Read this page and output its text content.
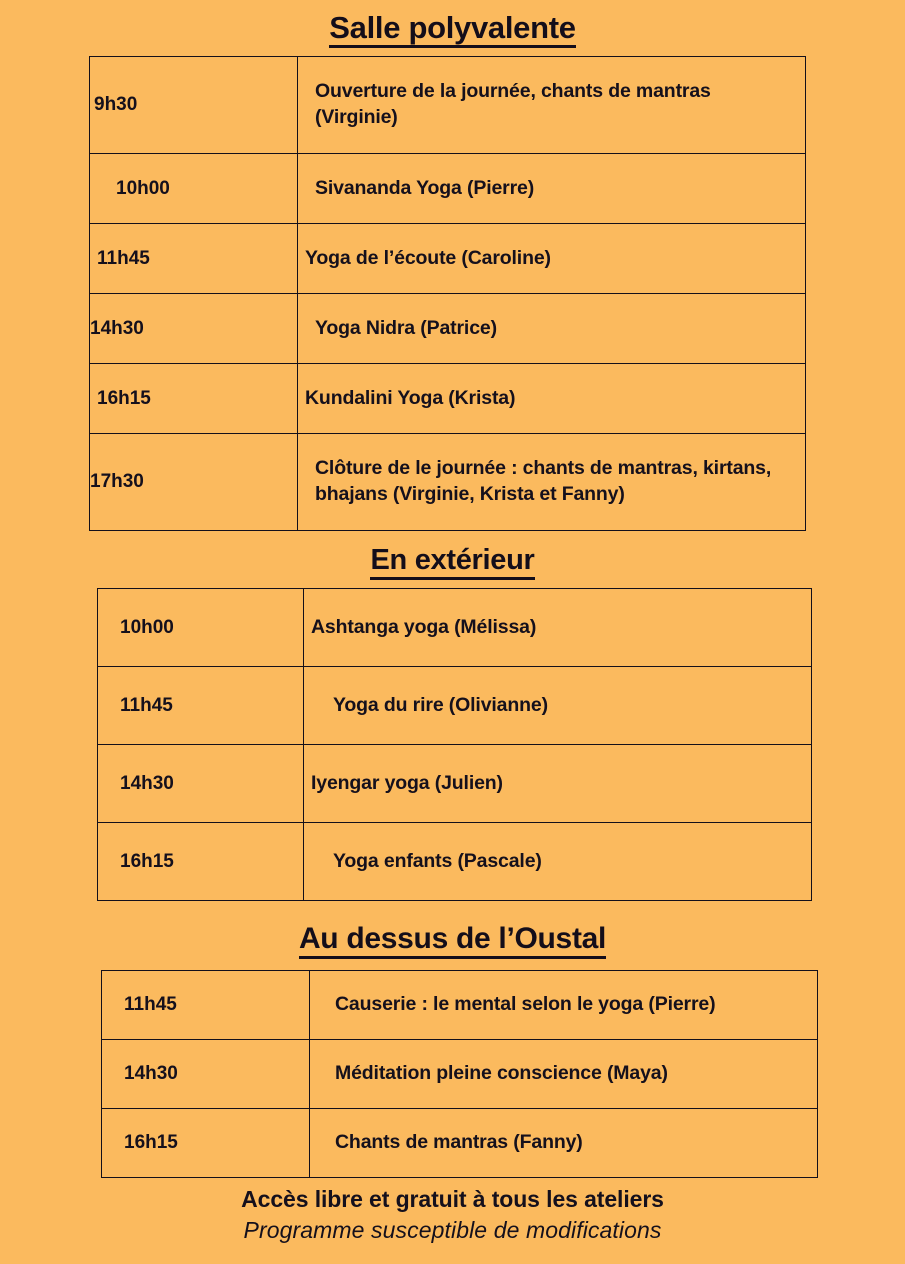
Salle polyvalente
9h30	Ouverture de la journée, chants de mantras (Virginie)
10h00	Sivananda Yoga (Pierre)
11h45	Yoga de l’écoute (Caroline)
14h30	Yoga Nidra (Patrice)
16h15	Kundalini Yoga (Krista)
17h30	Clôture de le journée : chants de mantras, kirtans, bhajans (Virginie, Krista et Fanny)
En extérieur
10h00	Ashtanga yoga (Mélissa)
11h45	Yoga du rire (Olivianne)
14h30	Iyengar yoga (Julien)
16h15	Yoga enfants (Pascale)
Au dessus de l’Oustal
11h45	Causerie : le mental selon le yoga (Pierre)
14h30	Méditation pleine conscience (Maya)
16h15	Chants de mantras (Fanny)
Accès libre et gratuit à tous les ateliers
Programme susceptible de modifications
